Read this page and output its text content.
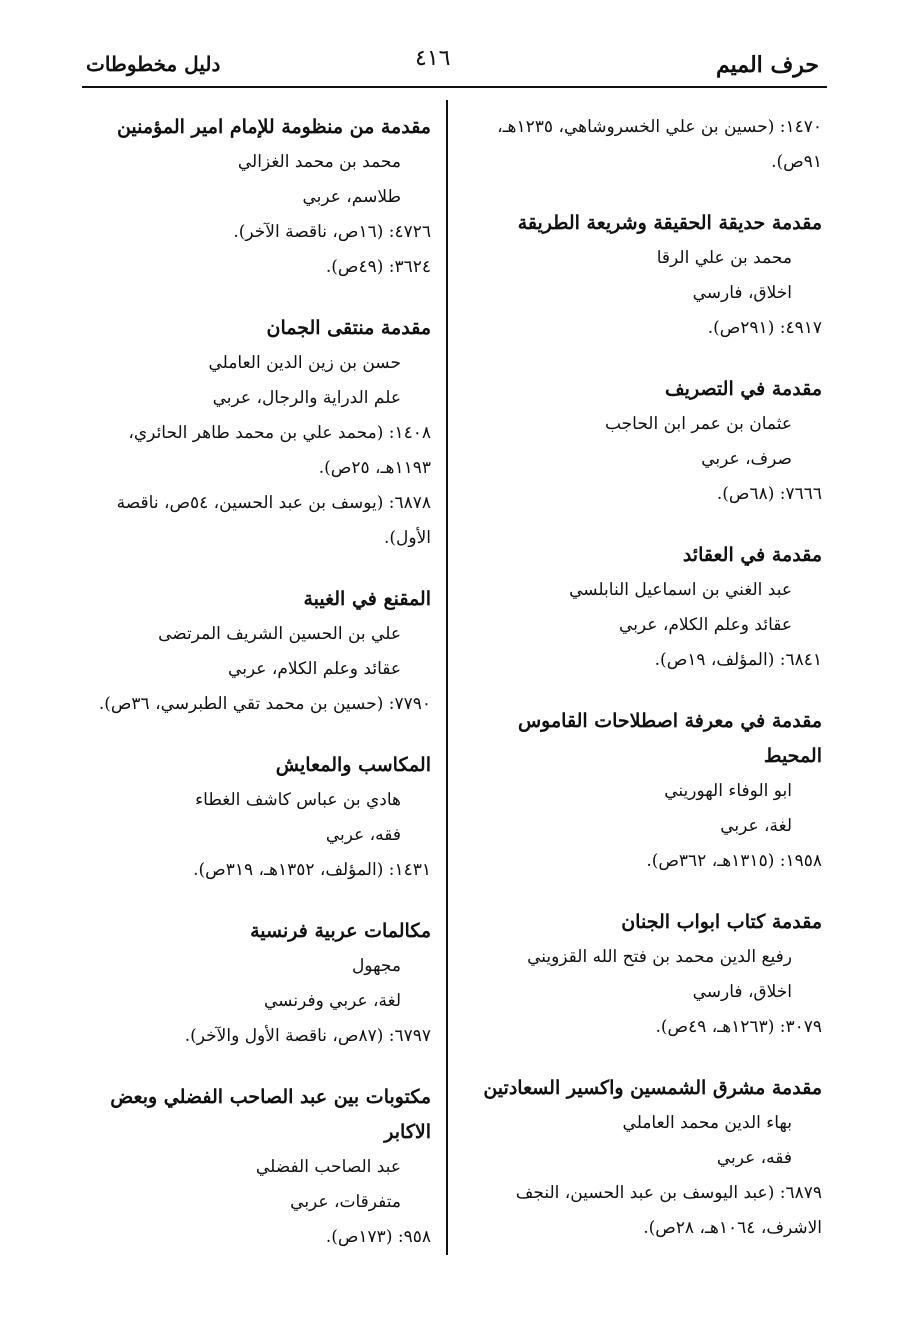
حرف الميم
٤١٦
دليل مخطوطات
١٤٧٠: (حسين بن علي الخسروشاهي، ١٢٣٥هـ، ٩١ص).
مقدمة حديقة الحقيقة وشريعة الطريقة
محمد بن علي الرقا
اخلاق، فارسي
٤٩١٧: (٢٩١ص).
مقدمة في التصريف
عثمان بن عمر ابن الحاجب
صرف، عربي
٧٦٦٦: (٦٨ص).
مقدمة في العقائد
عبد الغني بن اسماعيل النابلسي
عقائد وعلم الكلام، عربي
٦٨٤١: (المؤلف، ١٩ص).
مقدمة في معرفة اصطلاحات القاموس المحيط
ابو الوفاء الهوريني
لغة، عربي
١٩٥٨: (١٣١٥هـ، ٣٦٢ص).
مقدمة كتاب ابواب الجنان
رفيع الدين محمد بن فتح الله القزويني
اخلاق، فارسي
٣٠٧٩: (١٢٦٣هـ، ٤٩ص).
مقدمة مشرق الشمسين واكسير السعادتين
بهاء الدين محمد العاملي
فقه، عربي
٦٨٧٩: (عبد اليوسف بن عبد الحسين، النجف الاشرف، ١٠٦٤هـ، ٢٨ص).
مقدمة من منظومة للإمام امير المؤمنين
محمد بن محمد الغزالي
طلاسم، عربي
٤٧٢٦: (١٦ص، ناقصة الآخر).
٣٦٢٤: (٤٩ص).
مقدمة منتقى الجمان
حسن بن زين الدين العاملي
علم الدراية والرجال، عربي
١٤٠٨: (محمد علي بن محمد طاهر الحائري، ١١٩٣هـ، ٢٥ص).
٦٨٧٨: (يوسف بن عبد الحسين، ٥٤ص، ناقصة الأول).
المقنع في الغيبة
علي بن الحسين الشريف المرتضى
عقائد وعلم الكلام، عربي
٧٧٩٠: (حسين بن محمد تقي الطبرسي، ٣٦ص).
المكاسب والمعايش
هادي بن عباس كاشف الغطاء
فقه، عربي
١٤٣١: (المؤلف، ١٣٥٢هـ، ٣١٩ص).
مكالمات عربية فرنسية
مجهول
لغة، عربي وفرنسي
٦٧٩٧: (٨٧ص، ناقصة الأول والآخر).
مكتوبات بين عبد الصاحب الفضلي وبعض الاكابر
عبد الصاحب الفضلي
متفرقات، عربي
٩٥٨: (١٧٣ص).
